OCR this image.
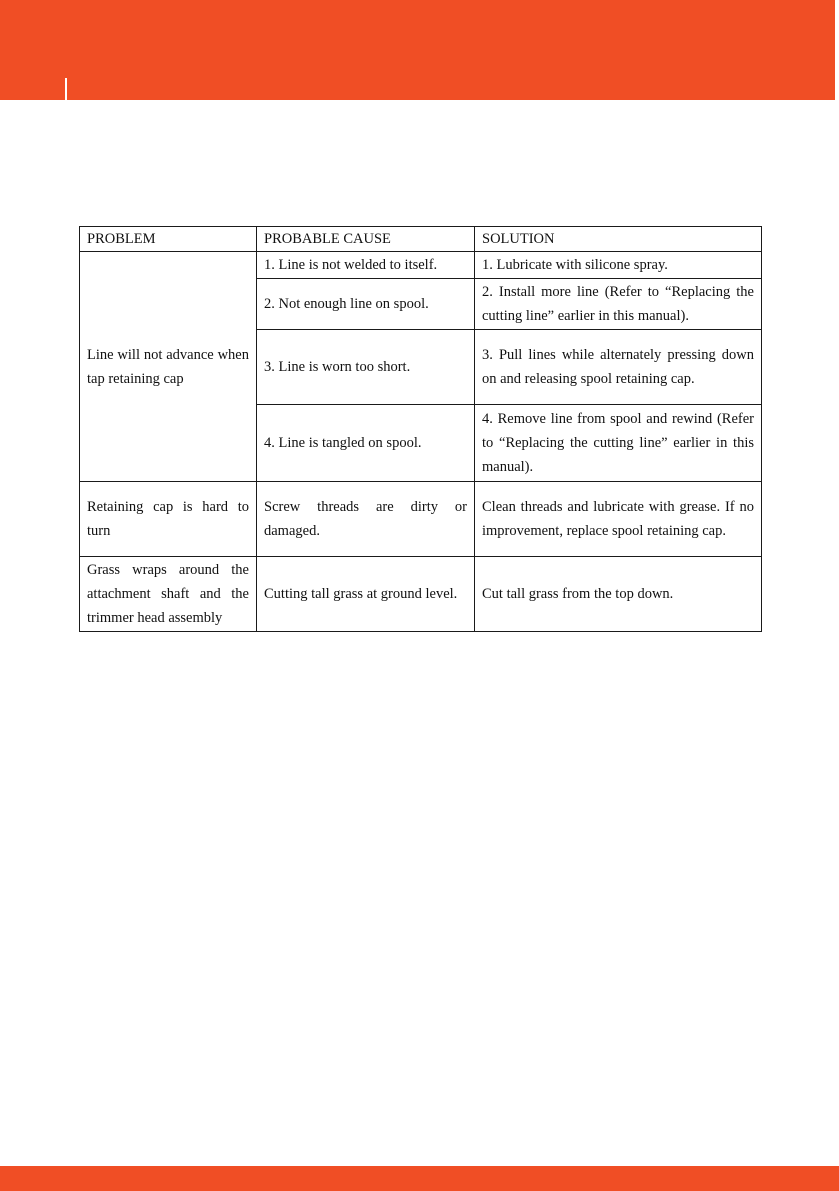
PROBLEM	PROBABLE CAUSE	SOLUTION
Line will not advance when tap retaining cap	1. Line is not welded to itself.	1. Lubricate with silicone spray.
	2. Not enough line on spool.	2. Install more line (Refer to “Replacing the cutting line” earlier in this manual).
	3. Line is worn too short.	3. Pull lines while alternately pressing down on and releasing spool retaining cap.
	4. Line is tangled on spool.	4. Remove line from spool and rewind (Refer to “Replacing the cutting line” earlier in this manual).
Retaining cap is hard to turn	Screw threads are dirty or damaged.	Clean threads and lubricate with grease. If no improvement, replace spool retaining cap.
Grass wraps around the attachment shaft and the trimmer head assembly	Cutting tall grass at ground level.	Cut tall grass from the top down.
